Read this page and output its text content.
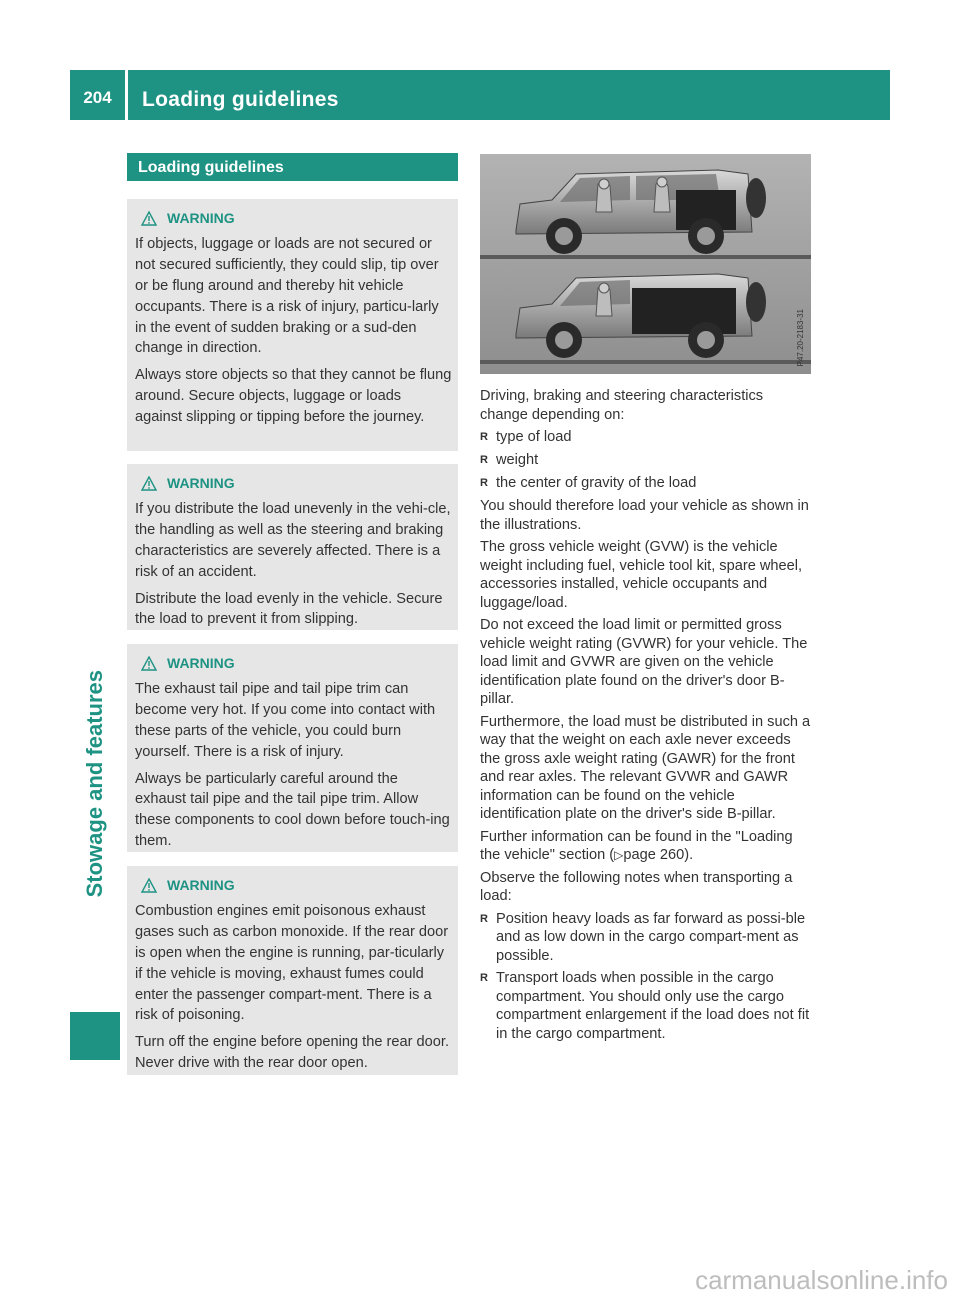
204	Loading guidelines
Stowage and features
Loading guidelines
WARNING

If objects, luggage or loads are not secured or not secured sufficiently, they could slip, tip over or be flung around and thereby hit vehicle occupants. There is a risk of injury, particu-larly in the event of sudden braking or a sud-den change in direction.

Always store objects so that they cannot be flung around. Secure objects, luggage or loads against slipping or tipping before the journey.

WARNING

If you distribute the load unevenly in the vehi-cle, the handling as well as the steering and braking characteristics are severely affected. There is a risk of an accident.

Distribute the load evenly in the vehicle. Secure the load to prevent it from slipping.

WARNING

The exhaust tail pipe and tail pipe trim can become very hot. If you come into contact with these parts of the vehicle, you could burn yourself. There is a risk of injury.

Always be particularly careful around the exhaust tail pipe and the tail pipe trim. Allow these components to cool down before touch-ing them.

WARNING

Combustion engines emit poisonous exhaust gases such as carbon monoxide. If the rear door is open when the engine is running, par-ticularly if the vehicle is moving, exhaust fumes could enter the passenger compart-ment. There is a risk of poisoning.

Turn off the engine before opening the rear door. Never drive with the rear door open.

P47.20-2183-31

Driving, braking and steering characteristics change depending on:

R type of load
R weight
R the center of gravity of the load

You should therefore load your vehicle as shown in the illustrations.

The gross vehicle weight (GVW) is the vehicle weight including fuel, vehicle tool kit, spare wheel, accessories installed, vehicle occupants and luggage/load.

Do not exceed the load limit or permitted gross vehicle weight rating (GVWR) for your vehicle. The load limit and GVWR are given on the vehicle identification plate found on the driver's door B-pillar.

Furthermore, the load must be distributed in such a way that the weight on each axle never exceeds the gross axle weight rating (GAWR) for the front and rear axles. The relevant GVWR and GAWR information can be found on the vehicle identification plate on the driver's side B-pillar.

Further information can be found in the "Loading the vehicle" section (▷page 260).

Observe the following notes when transporting a load:

R Position heavy loads as far forward as possi-ble and as low down in the cargo compart-ment as possible.
R Transport loads when possible in the cargo compartment. You should only use the cargo compartment enlargement if the load does not fit in the cargo compartment.
carmanualsonline.info
